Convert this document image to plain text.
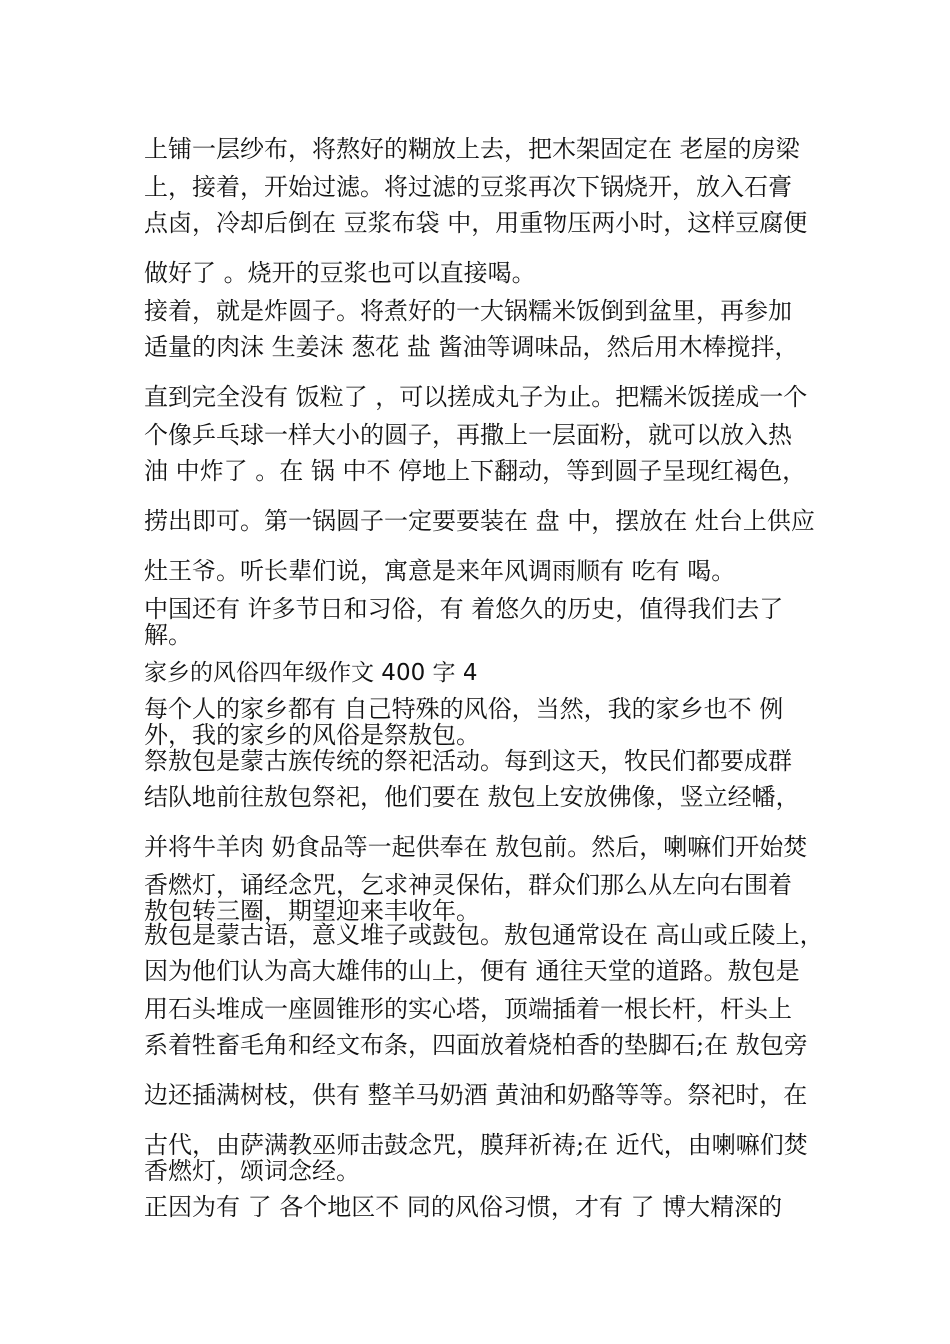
上铺一层纱布，将熬好的糊放上去，把木架固定在 老屋的房梁
上，接着，开始过滤。将过滤的豆浆再次下锅烧开，放入石膏
点卤，冷却后倒在 豆浆布袋 中，用重物压两小时，这样豆腐便
做好了 。烧开的豆浆也可以直接喝。
接着，就是炸圆子。将煮好的一大锅糯米饭倒到盆里，再参加
适量的肉沫 生姜沫 葱花 盐 酱油等调味品，然后用木棒搅拌，
直到完全没有 饭粒了 ，可以搓成丸子为止。把糯米饭搓成一个
个像乒乓球一样大小的圆子，再撒上一层面粉，就可以放入热
油 中炸了 。在 锅 中不 停地上下翻动，等到圆子呈现红褐色，
捞出即可。第一锅圆子一定要要装在 盘 中，摆放在 灶台上供应
灶王爷。听长辈们说，寓意是来年风调雨顺有 吃有 喝。
中国还有 许多节日和习俗，有 着悠久的历史，值得我们去了
解。
家乡的风俗四年级作文 400 字 4
每个人的家乡都有 自己特殊的风俗，当然，我的家乡也不 例
外，我的家乡的风俗是祭敖包。
祭敖包是蒙古族传统的祭祀活动。每到这天，牧民们都要成群
结队地前往敖包祭祀，他们要在 敖包上安放佛像，竖立经幡，
并将牛羊肉 奶食品等一起供奉在 敖包前。然后，喇嘛们开始焚
香燃灯，诵经念咒，乞求神灵保佑，群众们那么从左向右围着
敖包转三圈，期望迎来丰收年。
敖包是蒙古语，意义堆子或鼓包。敖包通常设在 高山或丘陵上，
因为他们认为高大雄伟的山上，便有 通往天堂的道路。敖包是
用石头堆成一座圆锥形的实心塔，顶端插着一根长杆，杆头上
系着牲畜毛角和经文布条，四面放着烧柏香的垫脚石;在 敖包旁
边还插满树枝，供有 整羊马奶酒 黄油和奶酪等等。祭祀时，在
古代，由萨满教巫师击鼓念咒，膜拜祈祷;在 近代，由喇嘛们焚
香燃灯，颂词念经。
正因为有 了 各个地区不 同的风俗习惯，才有 了 博大精深的
